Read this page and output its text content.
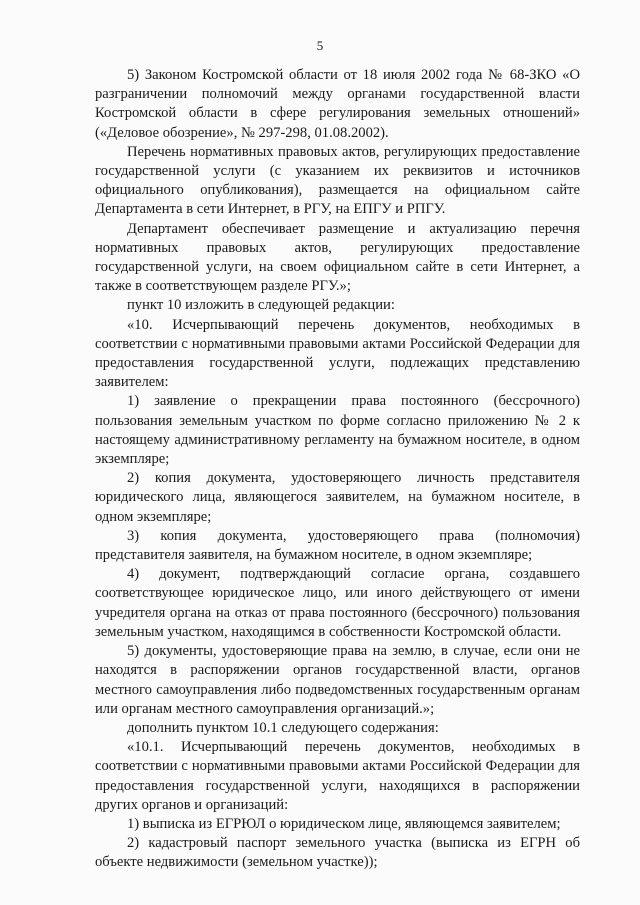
5

5) Законом Костромской области от 18 июля 2002 года № 68-ЗКО «О разграничении полномочий между органами государственной власти Костромской области в сфере регулирования земельных отношений» («Деловое обозрение», № 297-298, 01.08.2002).

Перечень нормативных правовых актов, регулирующих предоставление государственной услуги (с указанием их реквизитов и источников официального опубликования), размещается на официальном сайте Департамента в сети Интернет, в РГУ, на ЕПГУ и РПГУ.

Департамент обеспечивает размещение и актуализацию перечня нормативных правовых актов, регулирующих предоставление государственной услуги, на своем официальном сайте в сети Интернет, а также в соответствующем разделе РГУ.»;

пункт 10 изложить в следующей редакции:

«10. Исчерпывающий перечень документов, необходимых в соответствии с нормативными правовыми актами Российской Федерации для предоставления государственной услуги, подлежащих представлению заявителем:

1) заявление о прекращении права постоянного (бессрочного) пользования земельным участком по форме согласно приложению № 2 к настоящему административному регламенту на бумажном носителе, в одном экземпляре;

2) копия документа, удостоверяющего личность представителя юридического лица, являющегося заявителем, на бумажном носителе, в одном экземпляре;

3) копия документа, удостоверяющего права (полномочия) представителя заявителя, на бумажном носителе, в одном экземпляре;

4) документ, подтверждающий согласие органа, создавшего соответствующее юридическое лицо, или иного действующего от имени учредителя органа на отказ от права постоянного (бессрочного) пользования земельным участком, находящимся в собственности Костромской области.

5) документы, удостоверяющие права на землю, в случае, если они не находятся в распоряжении органов государственной власти, органов местного самоуправления либо подведомственных государственным органам или органам местного самоуправления организаций.»;

дополнить пунктом 10.1 следующего содержания:

«10.1. Исчерпывающий перечень документов, необходимых в соответствии с нормативными правовыми актами Российской Федерации для предоставления государственной услуги, находящихся в распоряжении других органов и организаций:

1) выписка из ЕГРЮЛ о юридическом лице, являющемся заявителем;

2) кадастровый паспорт земельного участка (выписка из ЕГРН об объекте недвижимости (земельном участке));
